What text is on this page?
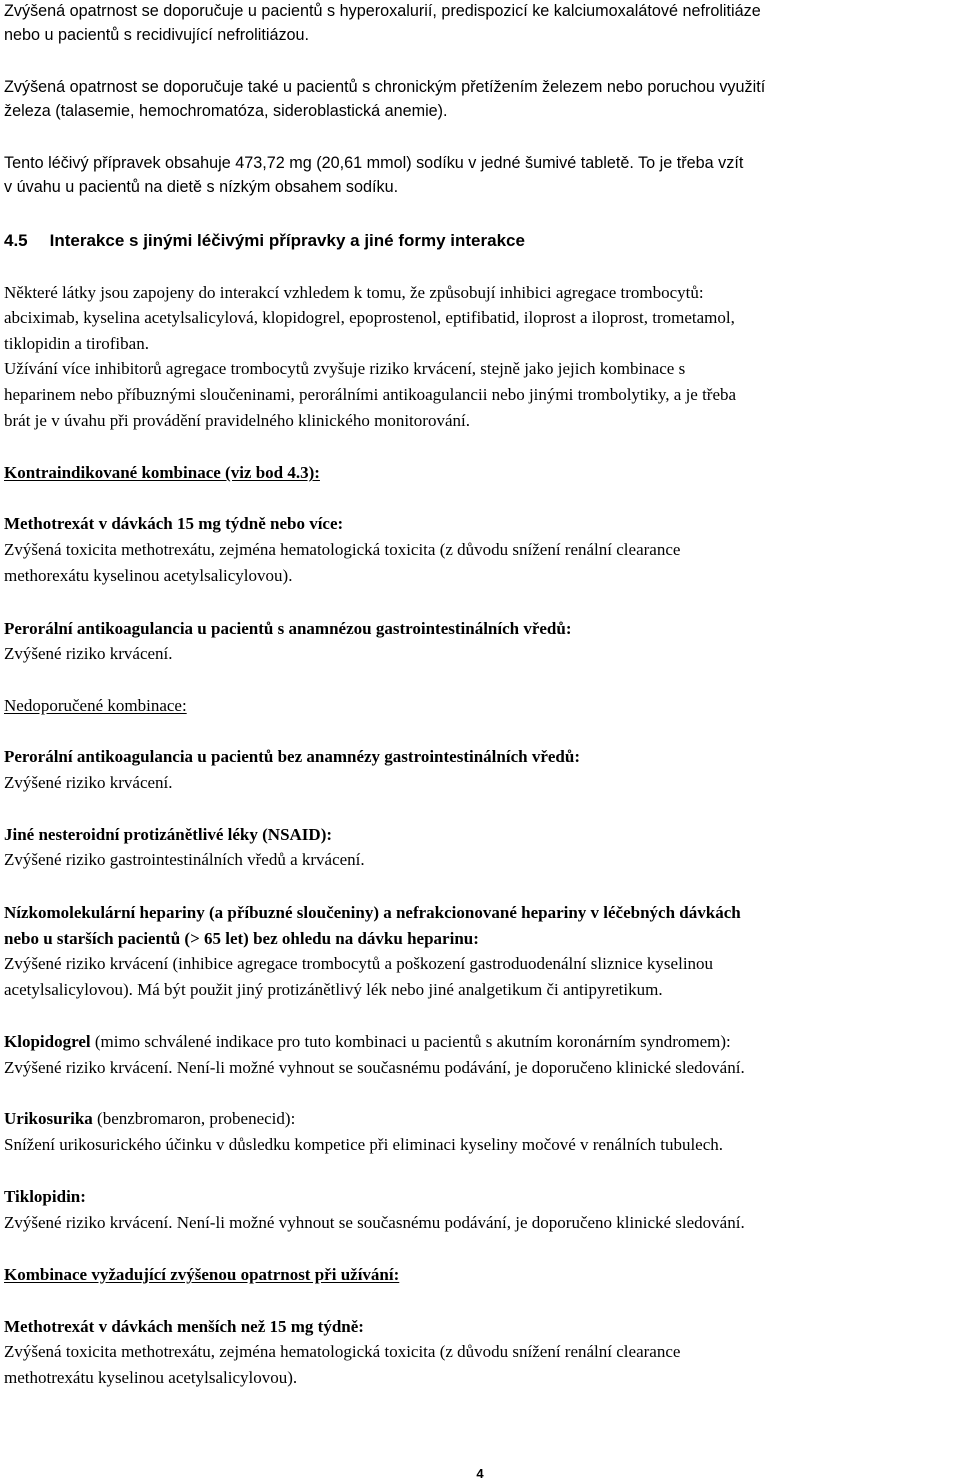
Zvýšená opatrnost se doporučuje u pacientů s hyperoxalurií, predispozicí ke kalciumoxalátové nefrolitiáze
nebo u pacientů s recidivující nefrolitiázou.
Zvýšená opatrnost se doporučuje také u pacientů s chronickým přetížením železem nebo poruchou využití
železa (talasemie, hemochromatóza, sideroblastická anemie).
Tento léčivý přípravek obsahuje 473,72 mg (20,61 mmol) sodíku v jedné šumivé tabletě. To je třeba vzít
v úvahu u pacientů na dietě s nízkým obsahem sodíku.
4.5 Interakce s jinými léčivými přípravky a jiné formy interakce
Některé látky jsou zapojeny do interakcí vzhledem k tomu, že způsobují inhibici agregace trombocytů:
abciximab, kyselina acetylsalicylová, klopidogrel, epoprostenol, eptifibatid, iloprost a iloprost, trometamol,
tiklopidin a tirofiban.
Užívání více inhibitorů agregace trombocytů zvyšuje riziko krvácení, stejně jako jejich kombinace s
heparinem nebo příbuznými sloučeninami, perorálními antikoagulancii nebo jinými trombolytiky, a je třeba
brát je v úvahu při provádění pravidelného klinického monitorování.
Kontraindikované kombinace (viz bod 4.3):
Methotrexát v dávkách 15 mg týdně nebo více:
Zvýšená toxicita methotrexátu, zejména hematologická toxicita (z důvodu snížení renální clearance
methorexátu kyselinou acetylsalicylovou).
Perorální antikoagulancia u pacientů s anamnézou gastrointestinálních vředů:
Zvýšené riziko krvácení.
Nedoporučené kombinace:
Perorální antikoagulancia u pacientů bez anamnézy gastrointestinálních vředů:
Zvýšené riziko krvácení.
Jiné nesteroidní protizánětlivé léky (NSAID):
Zvýšené riziko gastrointestinálních vředů a krvácení.
Nízkomolekulární hepariny (a příbuzné sloučeniny) a nefrakcionované hepariny v léčebných dávkách
nebo u starších pacientů (> 65 let) bez ohledu na dávku heparinu:
Zvýšené riziko krvácení (inhibice agregace trombocytů a poškození gastroduodenální sliznice kyselinou
acetylsalicylovou). Má být použit jiný protizánětlivý lék nebo jiné analgetikum či antipyretikum.
Klopidogrel (mimo schválené indikace pro tuto kombinaci u pacientů s akutním koronárním syndromem):
Zvýšené riziko krvácení. Není-li možné vyhnout se současnému podávání, je doporučeno klinické sledování.
Urikosurika (benzbromaron, probenecid):
Snížení urikosurického účinku v důsledku kompetice při eliminaci kyseliny močové v renálních tubulech.
Tiklopidin:
Zvýšené riziko krvácení. Není-li možné vyhnout se současnému podávání, je doporučeno klinické sledování.
Kombinace vyžadující zvýšenou opatrnost při užívání:
Methotrexát v dávkách menších než 15 mg týdně:
Zvýšená toxicita methotrexátu, zejména hematologická toxicita (z důvodu snížení renální clearance
methotrexátu kyselinou acetylsalicylovou).
4
